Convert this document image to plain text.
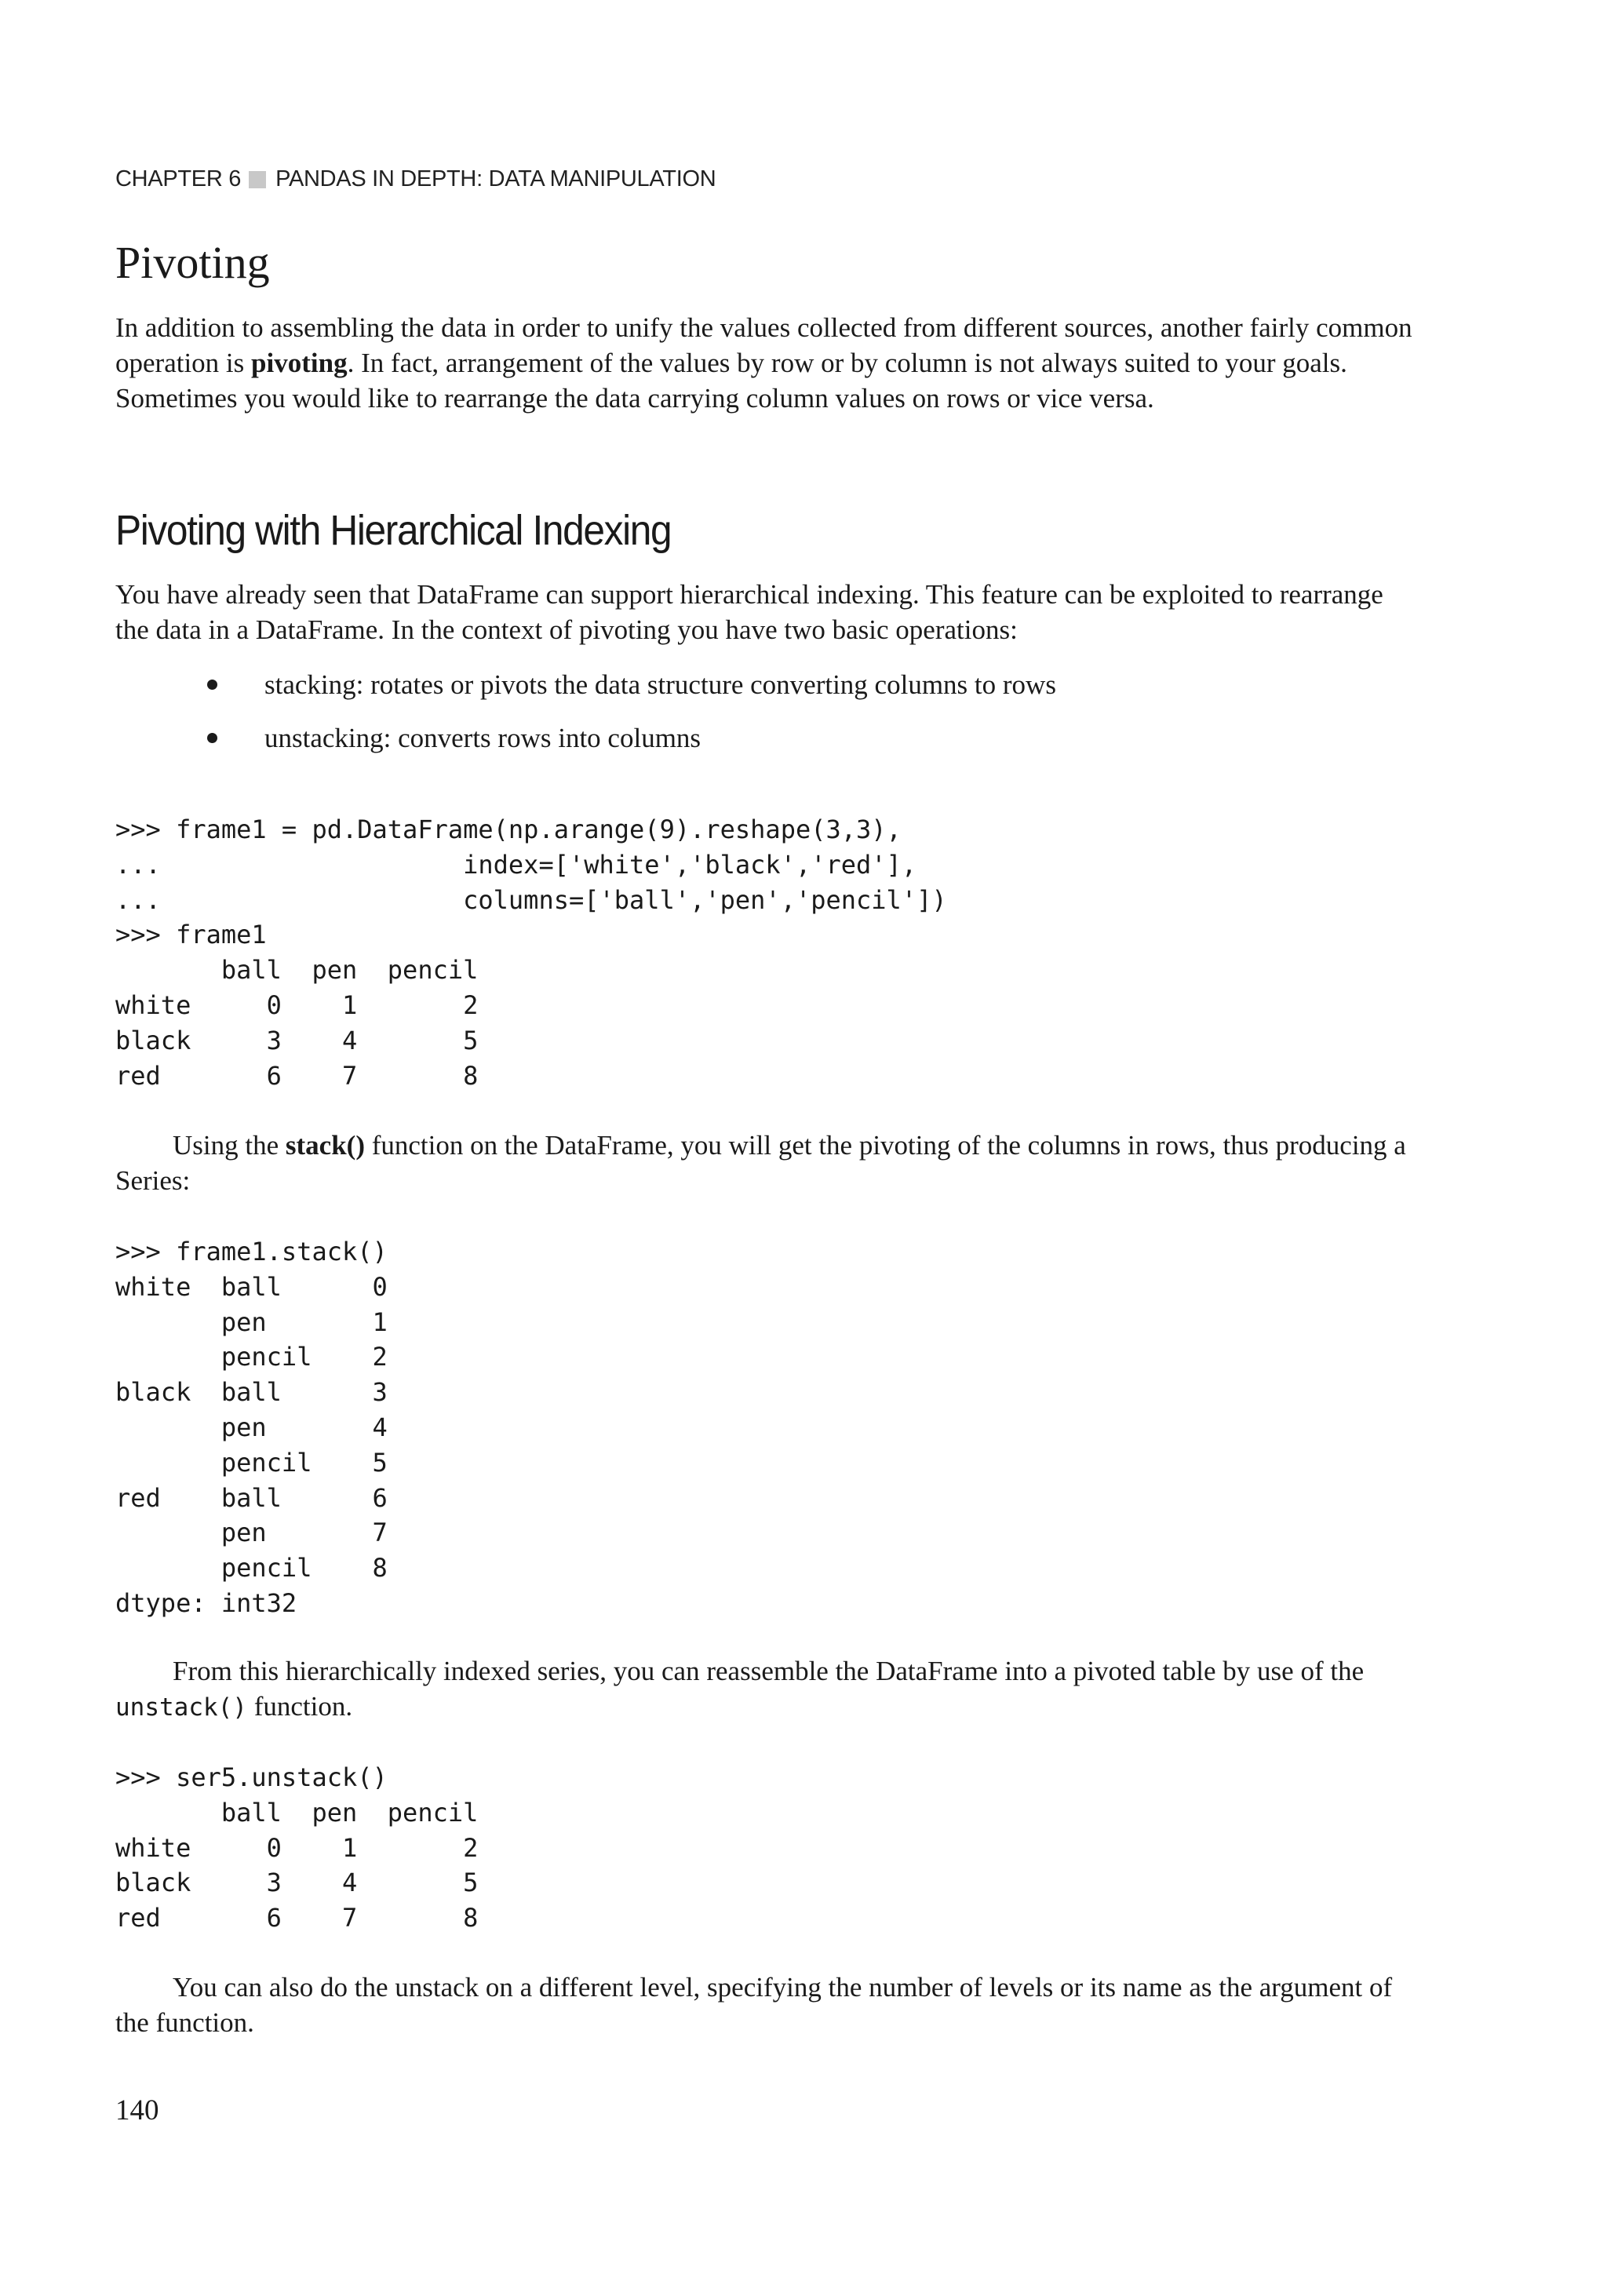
CHAPTER 6 PANDAS IN DEPTH: DATA MANIPULATION
Pivoting

In addition to assembling the data in order to unify the values collected from different sources, another fairly common operation is pivoting. In fact, arrangement of the values by row or by column is not always suited to your goals. Sometimes you would like to rearrange the data carrying column values on rows or vice versa.

Pivoting with Hierarchical Indexing

You have already seen that DataFrame can support hierarchical indexing. This feature can be exploited to rearrange the data in a DataFrame. In the context of pivoting you have two basic operations:

stacking: rotates or pivots the data structure converting columns to rows
unstacking: converts rows into columns
>>> frame1 = pd.DataFrame(np.arange(9).reshape(3,3),
...                    index=['white','black','red'],
...                    columns=['ball','pen','pencil'])
>>> frame1
ball  pen  pencil
white     0    1       2
black     3    4       5
red       6    7       8

Using the stack() function on the DataFrame, you will get the pivoting of the columns in rows, thus producing a Series:

>>> frame1.stack()
white  ball      0
pen       1
pencil    2
black  ball      3
pen       4
pencil    5
red    ball      6
pen       7
pencil    8
dtype: int32

From this hierarchically indexed series, you can reassemble the DataFrame into a pivoted table by use of the unstack() function.

>>> ser5.unstack()
ball  pen  pencil
white     0    1       2
black     3    4       5
red       6    7       8

You can also do the unstack on a different level, specifying the number of levels or its name as the argument of the function.

140
